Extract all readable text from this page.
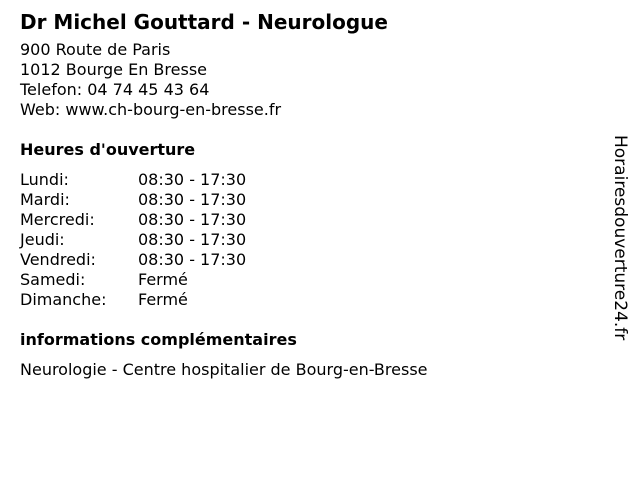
Dr Michel Gouttard - Neurologue
900 Route de Paris
1012 Bourge En Bresse
Telefon: 04 74 45 43 64
Web: www.ch-bourg-en-bresse.fr
Heures d'ouverture
Lundi:	08:30 - 17:30
Mardi:	08:30 - 17:30
Mercredi:	08:30 - 17:30
Jeudi:	08:30 - 17:30
Vendredi:	08:30 - 17:30
Samedi:	Fermé
Dimanche:	Fermé
informations complémentaires
Neurologie - Centre hospitalier de Bourg-en-Bresse
Horairesdouverture24.fr
